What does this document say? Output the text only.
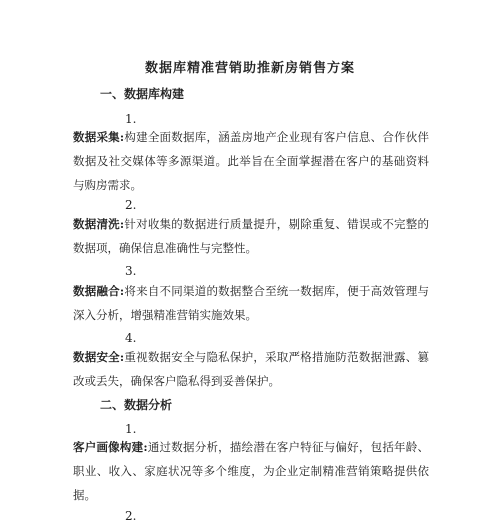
数据库精准营销助推新房销售方案
一、数据库构建
1.
数据采集:构建全面数据库，涵盖房地产企业现有客户信息、合作伙伴数据及社交媒体等多源渠道。此举旨在全面掌握潜在客户的基础资料与购房需求。
2.
数据清洗:针对收集的数据进行质量提升，剔除重复、错误或不完整的数据项，确保信息准确性与完整性。
3.
数据融合:将来自不同渠道的数据整合至统一数据库，便于高效管理与深入分析，增强精准营销实施效果。
4.
数据安全:重视数据安全与隐私保护，采取严格措施防范数据泄露、篡改或丢失，确保客户隐私得到妥善保护。
二、数据分析
1.
客户画像构建:通过数据分析，描绘潜在客户特征与偏好，包括年龄、职业、收入、家庭状况等多个维度，为企业定制精准营销策略提供依据。
2.
